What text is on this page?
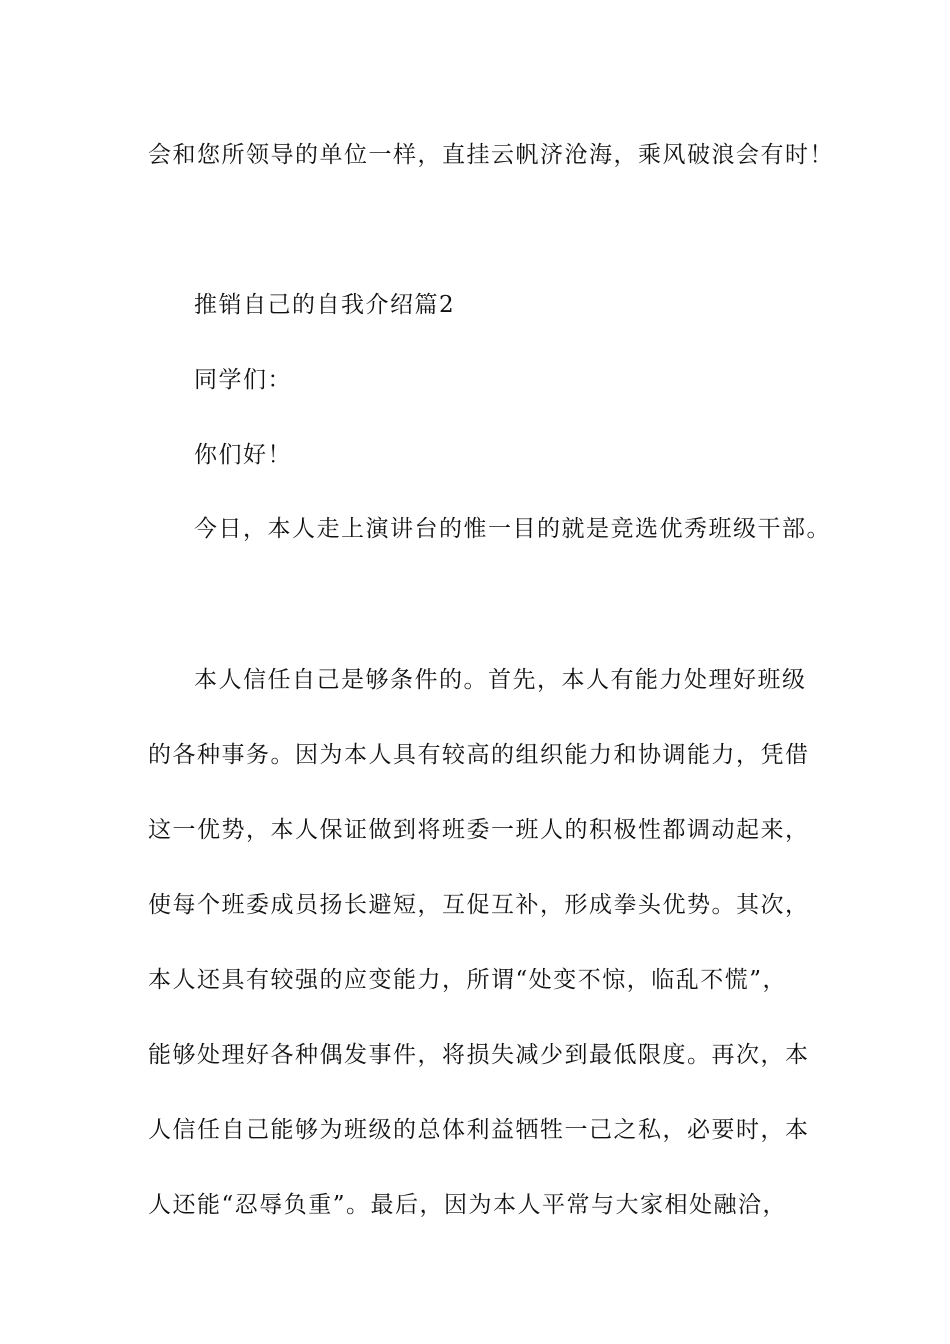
会和您所领导的单位一样，直挂云帆济沧海，乘风破浪会有时！
推销自己的自我介绍篇2
同学们：
你们好！
今日，本人走上演讲台的惟一目的就是竞选优秀班级干部。
本人信任自己是够条件的。首先，本人有能力处理好班级
的各种事务。因为本人具有较高的组织能力和协调能力，凭借
这一优势，本人保证做到将班委一班人的积极性都调动起来，
使每个班委成员扬长避短，互促互补，形成拳头优势。其次，
本人还具有较强的应变能力，所谓“处变不惊，临乱不慌”，
能够处理好各种偶发事件，将损失减少到最低限度。再次，本
人信任自己能够为班级的总体利益牺牲一己之私，必要时，本
人还能“忍辱负重”。最后，因为本人平常与大家相处融洽，
